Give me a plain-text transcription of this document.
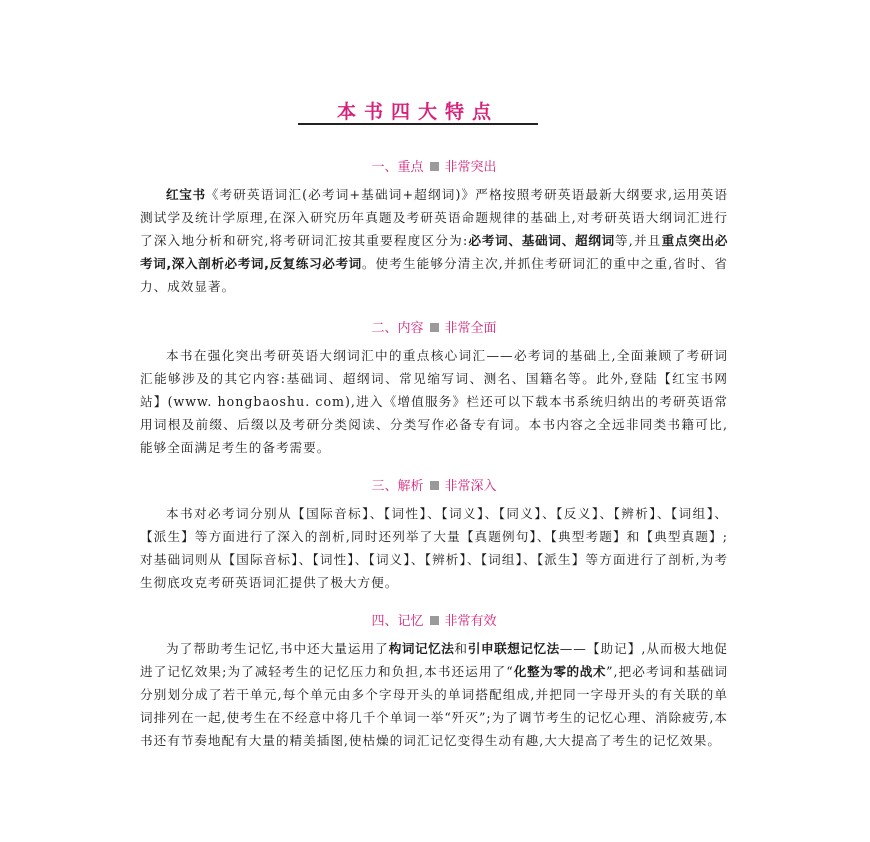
本书四大特点
一、重点 非常突出

红宝书《考研英语词汇(必考词+基础词+超纲词)》严格按照考研英语最新大纲要求,运用英语测试学及统计学原理,在深入研究历年真题及考研英语命题规律的基础上,对考研英语大纲词汇进行了深入地分析和研究,将考研词汇按其重要程度区分为:必考词、基础词、超纲词等,并且重点突出必考词,深入剖析必考词,反复练习必考词。使考生能够分清主次,并抓住考研词汇的重中之重,省时、省力、成效显著。

二、内容 非常全面

本书在强化突出考研英语大纲词汇中的重点核心词汇——必考词的基础上,全面兼顾了考研词汇能够涉及的其它内容:基础词、超纲词、常见缩写词、测名、国籍名等。此外,登陆【红宝书网站】(www. hongbaoshu. com),进入《增值服务》栏还可以下载本书系统归纳出的考研英语常用词根及前缀、后缀以及考研分类阅读、分类写作必备专有词。本书内容之全远非同类书籍可比,能够全面满足考生的备考需要。

三、解析 非常深入

本书对必考词分别从【国际音标】、【词性】、【词义】、【同义】、【反义】、【辨析】、【词组】、【派生】等方面进行了深入的剖析,同时还列举了大量【真题例句】、【典型考题】和【典型真题】;对基础词则从【国际音标】、【词性】、【词义】、【辨析】、【词组】、【派生】等方面进行了剖析,为考生彻底攻克考研英语词汇提供了极大方便。

四、记忆 非常有效

为了帮助考生记忆,书中还大量运用了构词记忆法和引申联想记忆法——【助记】,从而极大地促进了记忆效果;为了减轻考生的记忆压力和负担,本书还运用了“化整为零的战术”,把必考词和基础词分别划分成了若干单元,每个单元由多个字母开头的单词搭配组成,并把同一字母开头的有关联的单词排列在一起,使考生在不经意中将几千个单词一举“歼灭”;为了调节考生的记忆心理、消除疲劳,本书还有节奏地配有大量的精美插图,使枯燥的词汇记忆变得生动有趣,大大提高了考生的记忆效果。
